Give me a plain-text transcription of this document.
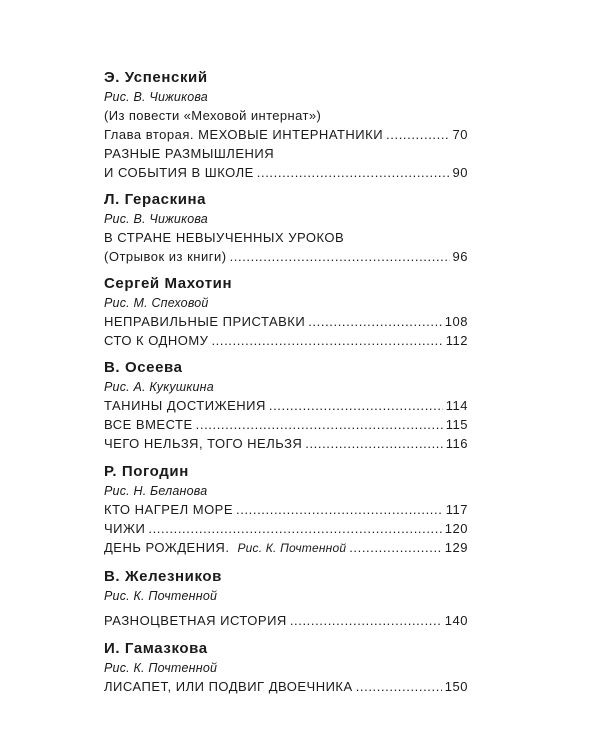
Э. Успенский
Рис. В. Чижикова
(Из повести «Меховой интернат»)
Глава вторая. МЕХОВЫЕ ИНТЕРНАТНИКИ .....	70
РАЗНЫЕ РАЗМЫШЛЕНИЯ
И СОБЫТИЯ В ШКОЛЕ .....	90
Л. Гераскина
Рис. В. Чижикова
В СТРАНЕ НЕВЫУЧЕННЫХ УРОКОВ
(Отрывок из книги) .....	96
Сергей Махотин
Рис. М. Спеховой
НЕПРАВИЛЬНЫЕ ПРИСТАВКИ .....	108
СТО К ОДНОМУ .....	112
В. Осеева
Рис. А. Кукушкина
ТАНИНЫ ДОСТИЖЕНИЯ .....	114
ВСЕ ВМЕСТЕ .....	115
ЧЕГО НЕЛЬЗЯ, ТОГО НЕЛЬЗЯ .....	116
Р. Погодин
Рис. Н. Беланова
КТО НАГРЕЛ МОРЕ .....	117
ЧИЖИ .....	120
ДЕНЬ РОЖДЕНИЯ. Рис. К. Почтенной .....	129
В. Железников
Рис. К. Почтенной
РАЗНОЦВЕТНАЯ ИСТОРИЯ .....	140
И. Гамазкова
Рис. К. Почтенной
ЛИСАПЕТ, ИЛИ ПОДВИГ ДВОЕЧНИКА .....	150
